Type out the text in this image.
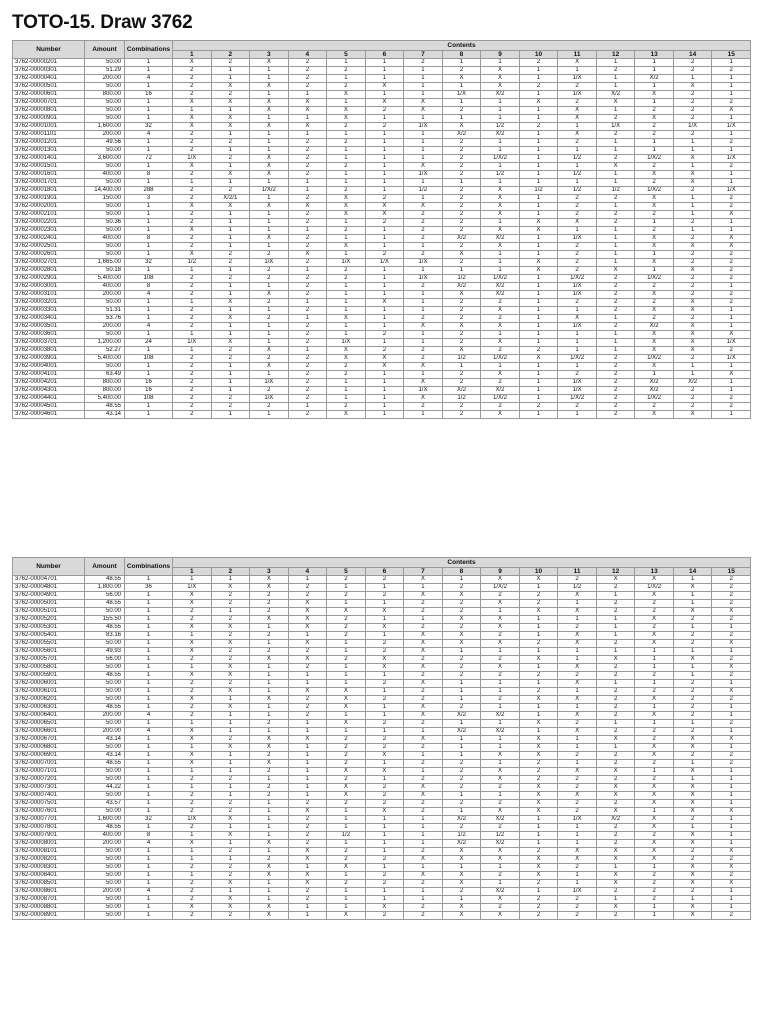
TOTO-15. Draw 3762
Number	Amount	Combinations	Contents														
			1	2	3	4	5	6	7	8	9	10	11	12	13	14	15
3762-00000201	50.00	1	X	2	X	2	1	1	2	1	1	2	X	1	1	2	1
3762-00000301	51.29	1	2	1	1	2	2	1	1	2	X	1	1	2	1	2	2
3762-00000401	200.00	4	2	1	1	2	1	1	1	X	X	1	1/X	1	X/2	1	1
3762-00000501	50.00	1	2	X	X	2	2	X	1	1	X	2	2	1	1	X	1
3762-00000601	800.00	16	2	2	1	1	X	1	1	1/X	X/2	1	1/X	X/2	X	2	1
3762-00000701	50.00	1	X	X	X	X	1	X	X	1	1	X	2	X	1	2	2
3762-00000801	50.00	1	1	1	X	X	X	2	X	2	1	1	X	1	2	2	X
3762-00000901	50.00	1	X	X	1	1	X	1	1	1	1	1	X	2	X	2	1
3762-00001001	1,600.00	32	X	X	X	X	2	2	1/X	X	1/2	2	1	1/X	2	1/X	1/X
3762-00001101	200.00	4	2	1	1	1	1	1	1	X/2	X/2	1	X	2	2	2	1
3762-00001201	49.56	1	2	2	1	2	2	1	1	2	1	1	2	1	1	1	2
3762-00001301	50.00	1	2	1	1	2	1	1	1	2	1	1	1	1	1	1	1
3762-00001401	3,600.00	72	1/X	2	X	2	1	1	1	2	1/X/2	1	1/2	2	1/X/2	X	1/X
3762-00001501	50.00	1	X	1	X	2	2	1	X	2	1	1	1	X	2	1	2
3762-00001601	400.00	8	2	X	X	2	1	1	1/X	2	1/2	1	1/2	1	X	X	1
3762-00001701	50.00	1	1	1	1	1	1	1	1	1	1	1	1	1	2	X	1
3762-00001801	14,400.00	288	2	2	1/X/2	1	2	1	1/2	2	X	1/2	1/2	1/2	1/X/2	2	1/X
3762-00001901	150.00	3	2	X/2/1	1	2	X	2	1	2	X	1	2	2	X	1	2
3762-00002001	50.00	1	X	X	X	X	X	X	X	2	X	1	2	1	X	1	2
3762-00002101	50.00	1	2	1	1	2	X	X	2	2	X	1	2	2	2	1	X
3762-00002201	50.36	1	2	1	1	2	1	2	2	2	1	X	X	2	1	2	1
3762-00002301	50.00	1	X	1	1	1	2	1	2	2	X	X	1	1	2	1	1
3762-00002401	400.00	8	2	1	X	2	1	1	2	X/2	X/2	1	1/X	1	X	2	X
3762-00002501	50.00	1	2	1	1	2	X	1	1	2	X	1	2	1	X	X	X
3762-00002601	50.00	1	X	2	2	X	1	2	2	X	1	1	2	1	1	2	2
3762-00002701	1,665.00	32	1/2	2	1/X	2	1/X	1/X	1/X	2	1	X	2	1	X	2	2
3762-00002801	50.18	1	1	1	2	1	2	1	1	1	1	X	2	X	1	X	2
3762-00002901	5,400.00	108	2	2	2	2	2	1	1/X	1/2	1/X/2	1	1/X/2	2	1/X/2	2	2
3762-00003001	400.00	8	2	1	1	2	1	1	2	X/2	X/2	1	1/X	2	2	2	1
3762-00003101	200.00	4	2	1	X	2	1	1	1	X	X/2	1	1/X	2	X	2	2
3762-00003201	50.00	1	1	X	2	1	1	X	1	2	2	1	2	2	2	X	2
3762-00003301	51.31	1	2	1	1	2	1	1	1	2	X	1	1	2	X	X	1
3762-00003401	53.76	1	2	X	2	1	X	1	2	2	2	1	X	1	2	2	1
3762-00003501	200.00	4	2	1	1	2	1	1	X	X	X	1	1/X	2	X/2	X	1
3762-00003601	50.00	1	1	1	1	2	1	2	1	2	1	1	1	1	X	X	X
3762-00003701	1,200.00	24	1/X	X	1	2	1/X	1	1	2	X	1	1	1	X	X	1/X
3762-00003801	52.27	1	1	2	X	1	X	2	2	X	2	2	1	1	X	X	2
3762-00003901	5,400.00	108	2	2	2	2	X	X	2	1/2	1/X/2	X	1/X/2	2	1/X/2	2	1/X
3762-00004001	50.00	1	2	1	X	2	2	X	X	1	1	1	1	2	X	1	1
3762-00004101	63.49	1	2	1	1	2	2	1	1	2	X	1	2	2	1	1	X
3762-00004201	800.00	16	2	1	1/X	2	1	1	X	2	2	1	1/X	2	X/2	X/2	1
3762-00004301	800.00	16	2	1	2	2	1	1	1/X	X/2	X/2	1	1/X	2	X/2	2	1
3762-00004401	5,400.00	108	2	2	1/X	2	1	1	X	1/2	1/X/2	1	1/X/2	2	1/X/2	2	2
3762-00004501	48.55	1	2	2	2	1	2	1	2	2	2	2	2	2	2	2	2
3762-00004601	43.14	1	2	1	1	2	X	1	1	2	X	1	1	2	X	X	1
Number	Amount	Combinations	Contents														
			1	2	3	4	5	6	7	8	9	10	11	12	13	14	15
3762-00004701	48.55	1	1	1	X	1	2	2	X	1	X	X	2	X	X	1	2
3762-00004801	1,800.00	36	1/X	X	X	2	1	1	1	2	1/X/2	1	1/2	2	1/X/2	X	2
3762-00004901	56.00	1	X	2	2	2	2	2	X	X	2	2	X	1	X	1	2
3762-00005001	48.55	1	X	2	2	X	1	1	2	2	X	2	1	2	2	1	2
3762-00005101	50.00	1	2	1	2	X	X	X	2	2	1	X	X	2	2	X	X
3762-00005201	155.50	1	2	2	X	X	2	1	1	X	X	1	1	1	X	2	2
3762-00005301	48.55	1	X	X	1	X	2	X	2	2	X	1	2	1	2	1	1
3762-00005401	83.16	1	1	2	2	1	2	1	X	X	2	1	X	1	X	2	2
3762-00005501	50.00	1	X	X	1	X	1	2	X	X	X	2	X	2	X	2	X
3762-00005601	49.93	1	X	2	2	2	1	2	X	1	1	1	1	1	1	1	1
3762-00005701	56.00	1	2	2	X	X	2	X	2	2	2	X	1	X	1	X	2
3762-00005801	50.00	1	1	X	1	2	1	X	X	2	X	1	X	2	1	1	X
3762-00005901	48.55	1	X	X	1	1	1	1	2	2	2	2	2	2	2	1	2
3762-00006001	50.00	1	2	2	1	1	1	2	X	1	1	1	X	1	1	2	1
3762-00006101	50.00	1	2	X	1	X	X	1	2	1	1	2	1	2	2	2	X
3762-00006201	50.00	1	X	1	X	2	X	2	2	1	2	X	X	2	X	2	2
3762-00006301	48.55	1	2	X	1	2	X	1	X	2	1	1	1	2	1	2	1
3762-00006401	200.00	4	2	1	1	2	1	1	X	X/2	X/2	1	X	2	X	2	1
3762-00006501	50.00	1	1	1	2	1	X	2	2	1	1	X	2	1	1	1	2
3762-00006601	200.00	4	X	1	1	1	1	1	1	X/2	X/2	1	X	2	2	2	1
3762-00006701	43.14	1	X	2	X	X	2	2	X	1	1	X	1	X	2	X	X
3762-00006801	50.00	1	1	X	X	1	2	2	2	1	1	X	1	1	X	X	1
3762-00006901	43.14	1	X	1	2	1	2	X	1	1	X	X	2	2	X	2	2
3762-00007001	48.55	1	X	1	X	1	2	1	2	2	1	2	1	2	2	1	2
3762-00007101	50.00	1	1	1	2	1	X	X	1	2	X	2	X	X	1	X	1
3762-00007201	50.00	1	2	2	1	1	2	1	2	2	X	2	2	2	2	1	1
3762-00007301	44.22	1	1	1	2	1	X	2	X	2	2	X	2	X	X	X	1
3762-00007401	50.00	1	2	1	2	1	X	2	X	1	1	X	X	X	X	X	1
3762-00007501	43.57	1	2	2	1	2	2	2	2	2	2	X	2	2	X	X	1
3762-00007601	50.00	1	2	2	1	X	1	X	2	1	X	X	2	X	1	X	X
3762-00007701	1,600.00	32	1/X	X	1	2	1	1	1	X/2	X/2	1	1/X	X/2	X	2	1
3762-00007801	48.55	1	2	1	1	2	1	1	1	2	2	1	1	2	X	1	1
3762-00007901	400.00	8	1	X	1	2	1/2	1	1	1/2	1/2	1	1	2	2	X	1
3762-00008001	200.00	4	X	1	X	2	1	1	1	X/2	X/2	1	1	2	X	X	1
3762-00008101	50.00	1	1	2	1	X	2	1	2	X	X	2	X	X	X	2	X
3762-00008201	50.00	1	1	1	2	X	2	2	X	X	X	X	X	X	X	2	2
3762-00008301	50.00	1	2	2	X	1	X	1	1	1	1	X	2	1	1	X	X
3762-00008401	50.00	1	1	2	X	X	1	2	X	X	2	X	1	X	2	X	2
3762-00008501	50.00	1	2	X	1	X	2	2	2	X	1	2	1	X	2	X	X
3762-00008601	200.00	4	2	1	1	2	1	1	1	2	X/2	1	1/X	2	2	2	1
3762-00008701	50.00	1	2	X	1	2	1	1	1	1	X	2	2	1	2	1	1
3762-00008801	50.00	1	X	X	X	1	1	X	2	X	2	2	2	X	1	X	1
3762-00008901	50.00	1	2	2	X	1	X	2	2	X	X	2	2	2	1	X	2
